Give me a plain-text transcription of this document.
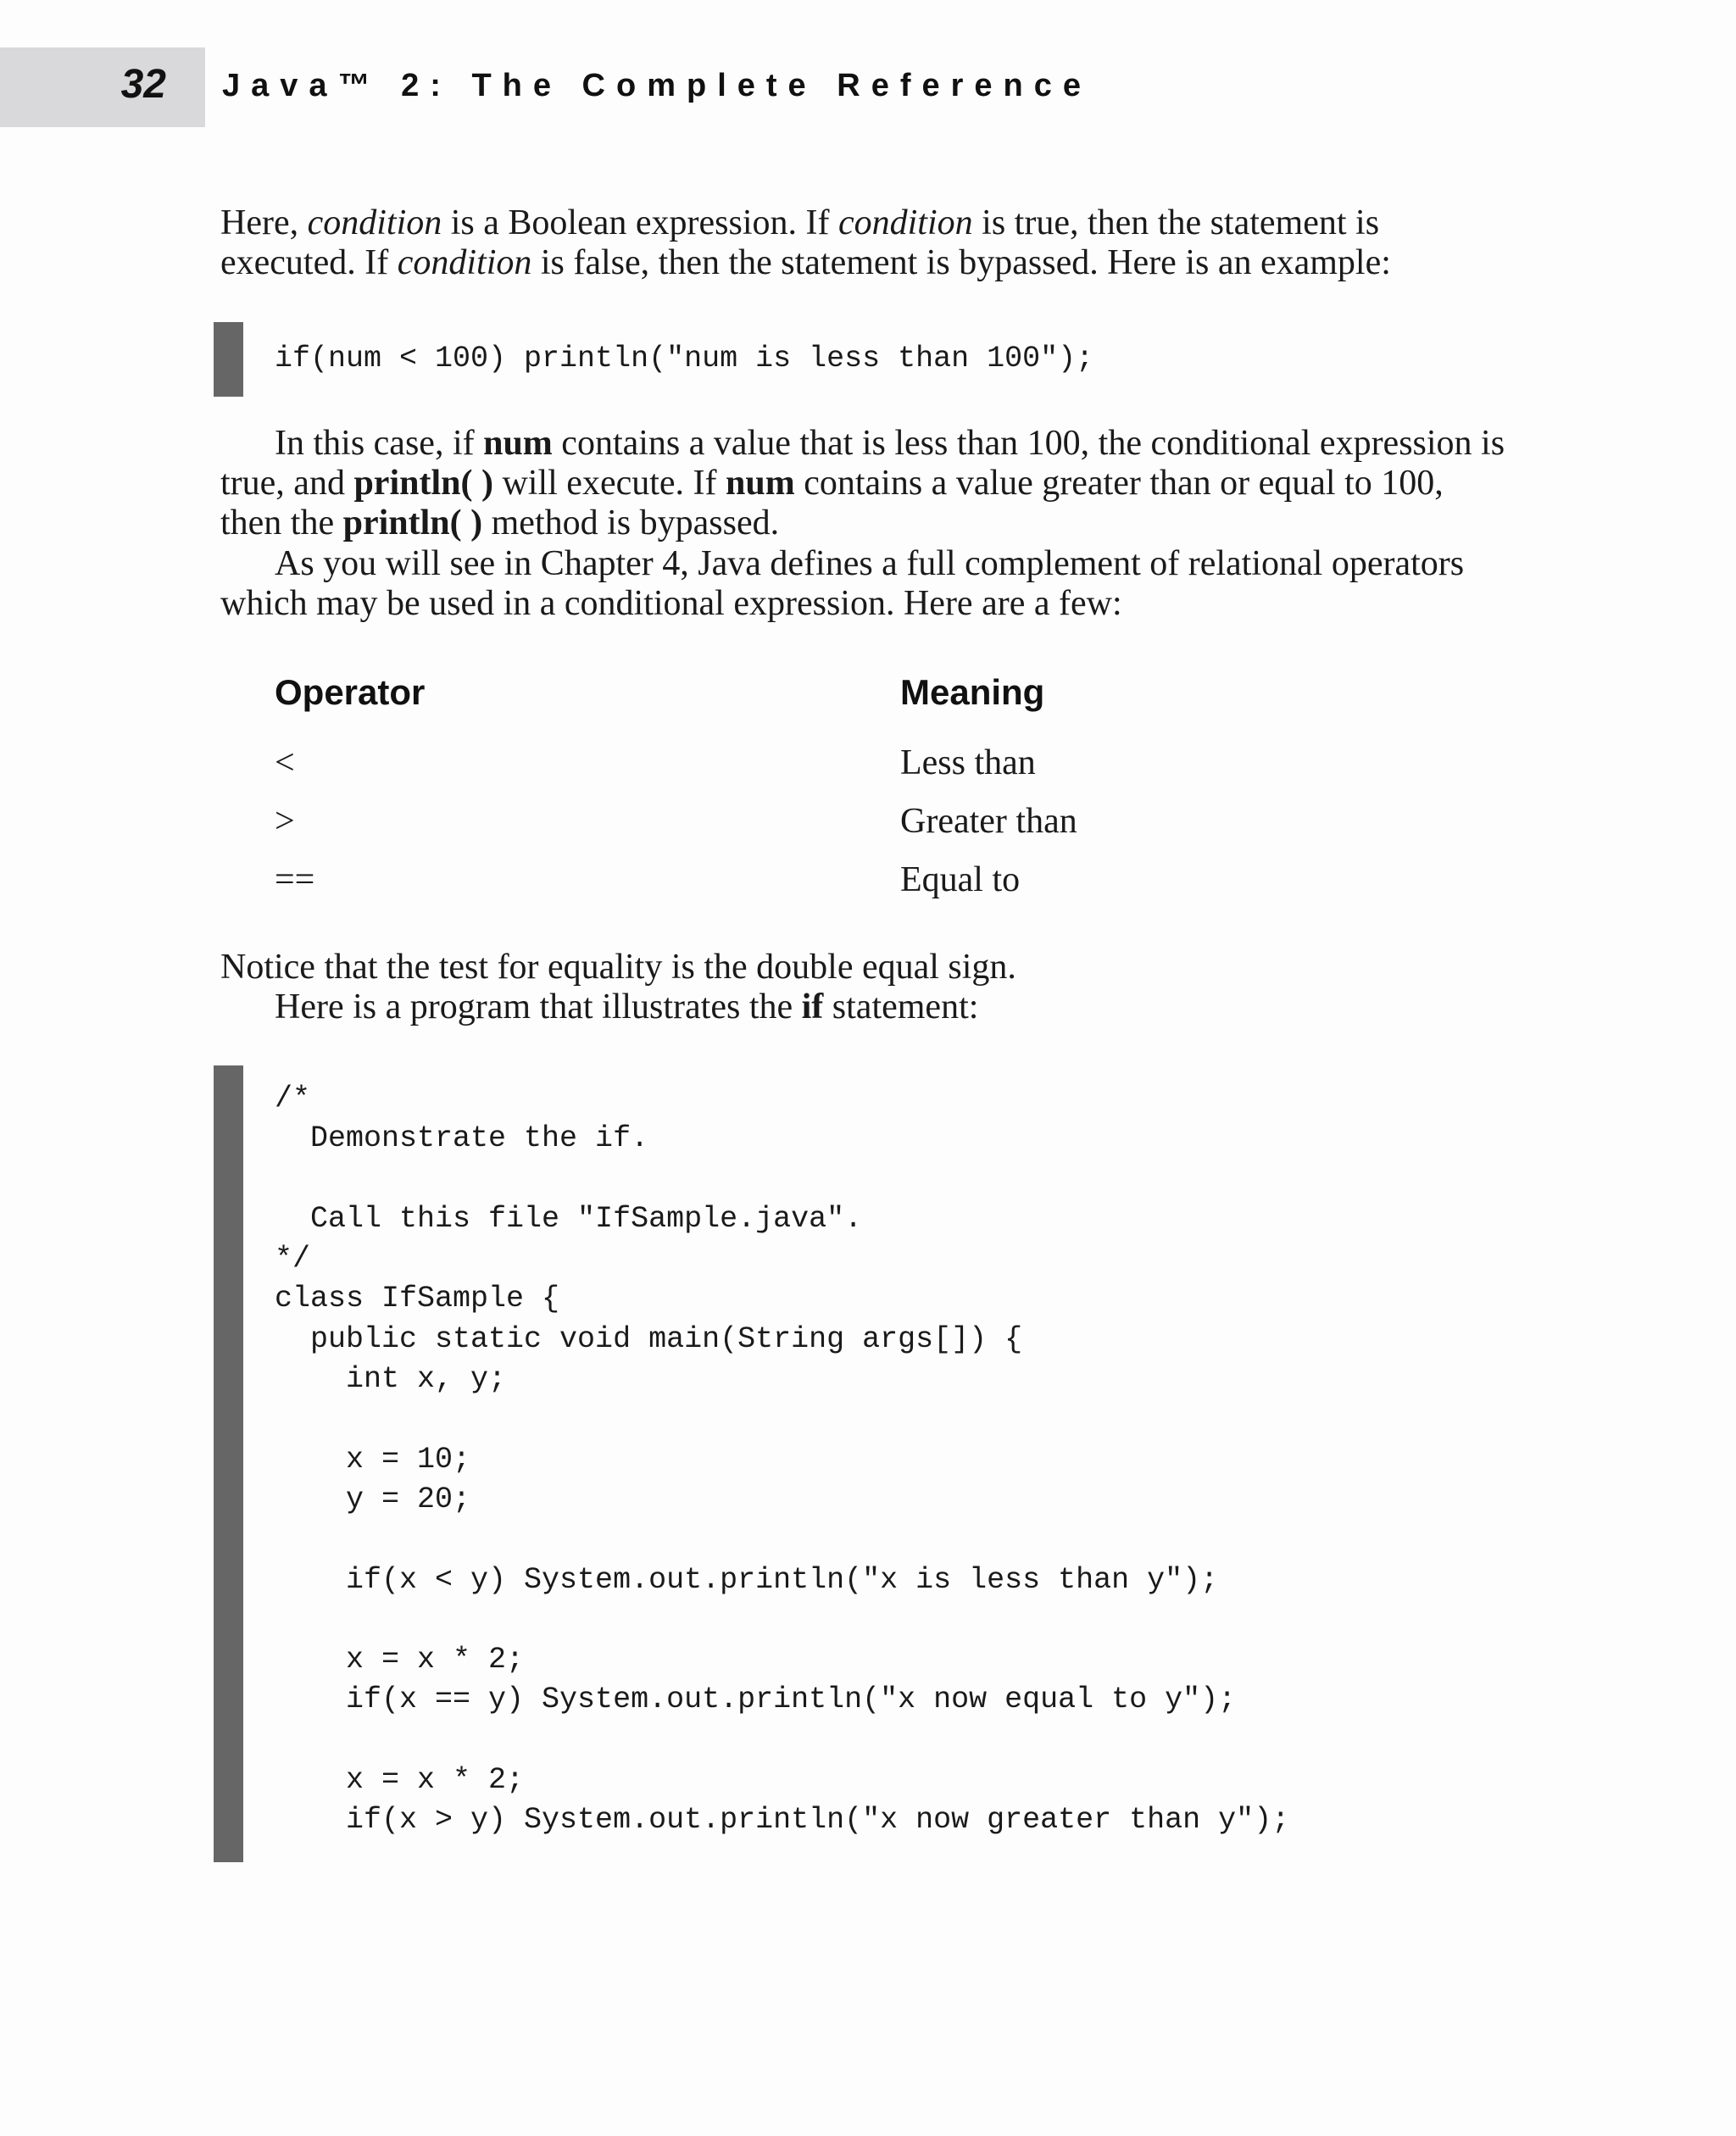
32 Java™ 2: The Complete Reference

Here, condition is a Boolean expression. If condition is true, then the statement is executed. If condition is false, then the statement is bypassed. Here is an example:

if(num < 100) println("num is less than 100");

In this case, if num contains a value that is less than 100, the conditional expression is true, and println( ) will execute. If num contains a value greater than or equal to 100, then the println( ) method is bypassed.

As you will see in Chapter 4, Java defines a full complement of relational operators which may be used in a conditional expression. Here are a few:

Operator	Meaning
<	Less than
>	Greater than
==	Equal to

Notice that the test for equality is the double equal sign.

Here is a program that illustrates the if statement:

/*
Demonstrate the if.

Call this file "IfSample.java".
*/
class IfSample {
public static void main(String args[]) {
int x, y;

x = 10;
y = 20;

if(x < y) System.out.println("x is less than y");

x = x * 2;
if(x == y) System.out.println("x now equal to y");

x = x * 2;
if(x > y) System.out.println("x now greater than y");
